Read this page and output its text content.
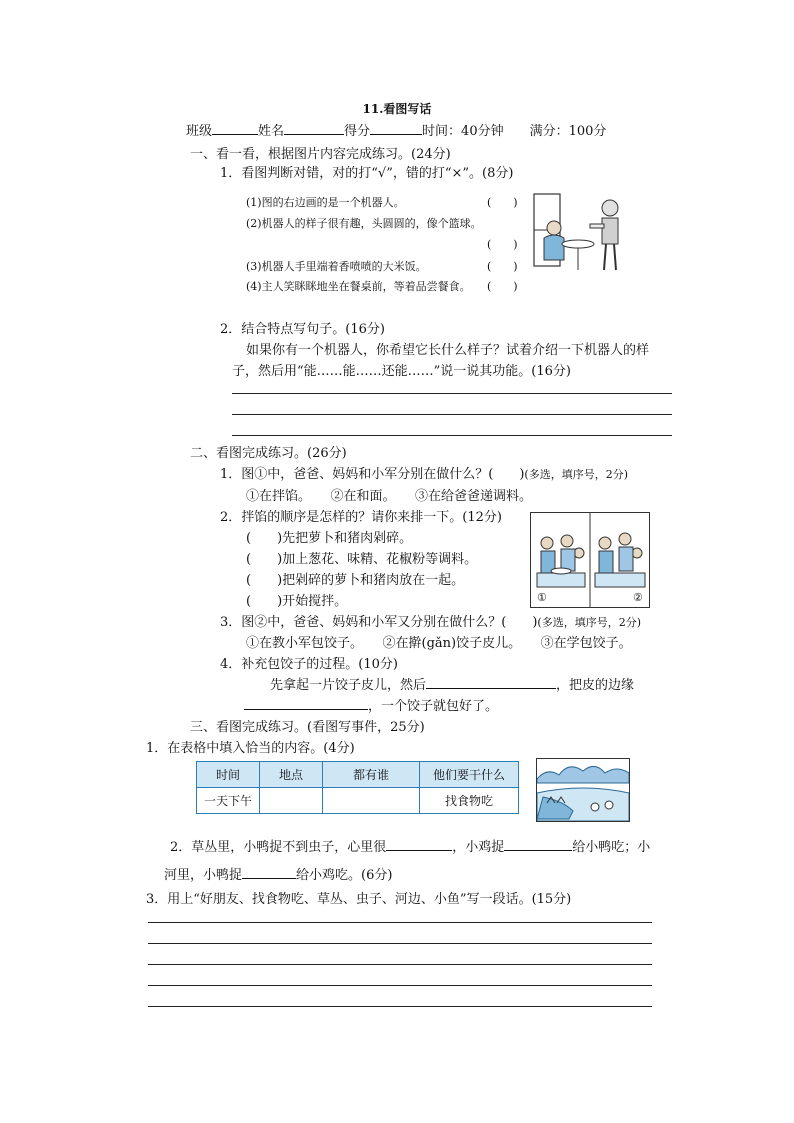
11.看图写话
班级	姓名	得分	时间：40分钟 满分：100分
一、看一看，根据图片内容完成练习。(24分)
1．看图判断对错，对的打“√”，错的打“×”。(8分)
(1)图的右边画的是一个机器人。	(　　)
(2)机器人的样子很有趣，头圆圆的，像个篮球。
(　　)
(3)机器人手里端着香喷喷的大米饭。	(　　)
(4)主人笑眯眯地坐在餐桌前，等着品尝餐食。 (　　)
2．结合特点写句子。(16分)
如果你有一个机器人，你希望它长什么样子？试着介绍一下机器人的样
子，然后用“能……能……还能……”说一说其功能。(16分)
二、看图完成练习。(26分)
1．图①中，爸爸、妈妈和小军分别在做什么？(　　)(多选，填序号，2分)
①在拌馅。　　②在和面。　　③在给爸爸递调料。
2．拌馅的顺序是怎样的？请你来排一下。(12分)
(　　)先把萝卜和猪肉剁碎。
(　　)加上葱花、味精、花椒粉等调料。
(　　)把剁碎的萝卜和猪肉放在一起。
(　　)开始搅拌。	①	②
3．图②中，爸爸、妈妈和小军又分别在做什么？(　　)(多选，填序号，2分)
①在教小军包饺子。　　②在擀(gǎn)饺子皮儿。　　③在学包饺子。
4．补充包饺子的过程。(10分)
先拿起一片饺子皮儿，然后	，把皮的边缘
，一个饺子就包好了。
三、看图完成练习。(看图写事件，25分)
1．在表格中填入恰当的内容。(4分)
时间	地点	都有谁	他们要干什么
一天下午			找食物吃
2．草丛里，小鸭捉不到虫子，心里很	，小鸡捉	给小鸭吃；小
河里，小鸭捉	给小鸡吃。(6分)
3．用上“好朋友、找食物吃、草丛、虫子、河边、小鱼”写一段话。(15分)
